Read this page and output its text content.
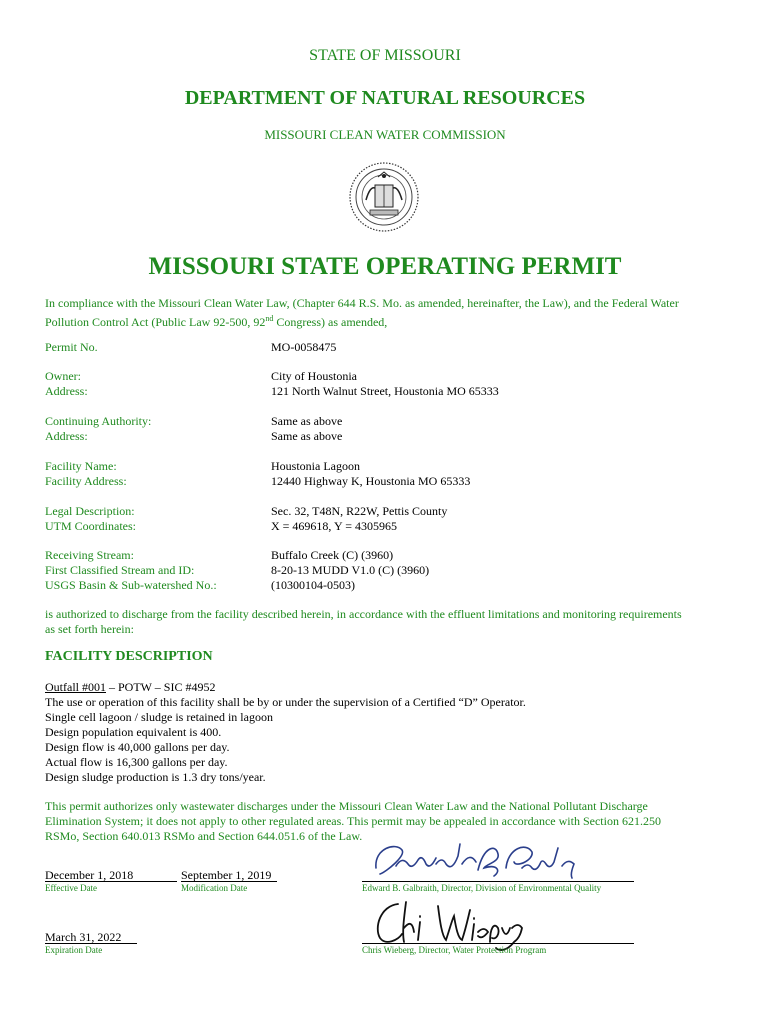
STATE OF MISSOURI
DEPARTMENT OF NATURAL RESOURCES
MISSOURI CLEAN WATER COMMISSION
MISSOURI STATE OPERATING PERMIT
In compliance with the Missouri Clean Water Law, (Chapter 644 R.S. Mo. as amended, hereinafter, the Law), and the Federal Water
Pollution Control Act (Public Law 92-500, 92nd Congress) as amended,
Permit No.	MO-0058475
Owner:	City of Houstonia
Address:	121 North Walnut Street, Houstonia MO 65333
Continuing Authority:	Same as above
Address:	Same as above
Facility Name:	Houstonia Lagoon
Facility Address:	12440 Highway K, Houstonia MO 65333
Legal Description:	Sec. 32, T48N, R22W, Pettis County
UTM Coordinates:	X = 469618, Y = 4305965
Receiving Stream:	Buffalo Creek (C) (3960)
First Classified Stream and ID:	8-20-13 MUDD V1.0 (C) (3960)
USGS Basin & Sub-watershed No.:	(10300104-0503)
is authorized to discharge from the facility described herein, in accordance with the effluent limitations and monitoring requirements
as set forth herein:
FACILITY DESCRIPTION
Outfall #001 – POTW – SIC #4952
The use or operation of this facility shall be by or under the supervision of a Certified “D” Operator.
Single cell lagoon / sludge is retained in lagoon
Design population equivalent is 400.
Design flow is 40,000 gallons per day.
Actual flow is 16,300 gallons per day.
Design sludge production is 1.3 dry tons/year.
This permit authorizes only wastewater discharges under the Missouri Clean Water Law and the National Pollutant Discharge
Elimination System; it does not apply to other regulated areas. This permit may be appealed in accordance with Section 621.250
RSMo, Section 640.013 RSMo and Section 644.051.6 of the Law.
December 1, 2018
Effective Date
September 1, 2019
Modification Date	Edward B. Galbraith, Director, Division of Environmental Quality
March 31, 2022
Expiration Date	Chris Wieberg, Director, Water Protection Program
